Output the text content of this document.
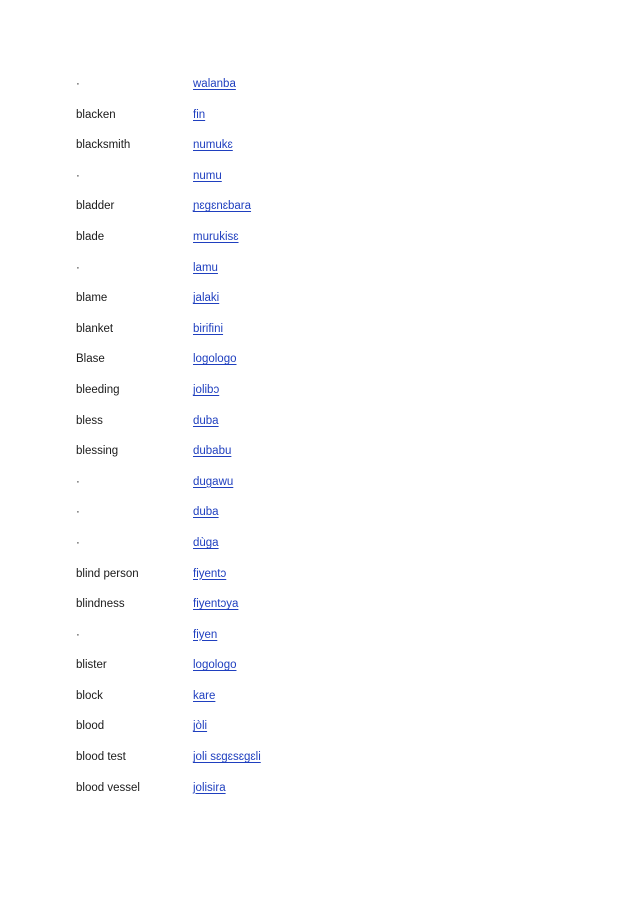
·	walanba
blacken	fin
blacksmith	numukɛ
·	numu
bladder	ɲɛgɛnɛbara
blade	murukisɛ
·	lamu
blame	jalaki
blanket	birifini
Blase	logologo
bleeding	jolibɔ
bless	duba
blessing	dubabu
·	dugawu
·	duba
·	dùga
blind person	fiyentɔ
blindness	fiyentɔya
·	fiyen
blister	logologo
block	kare
blood	jòli
blood test	joli sɛgɛsɛgɛli
blood vessel	jolisira
